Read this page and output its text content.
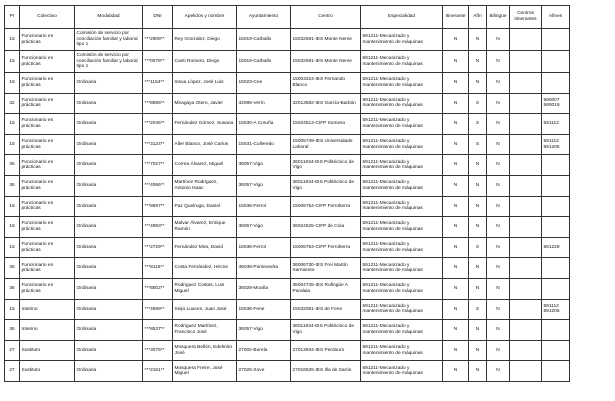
Pr	Colectivo	Modalidad	DNI	Apelidos y nombre	Ayuntamiento	Centro	Especialidad	Itinerante	Afín	Bilingüe	Centros itinerantes	Afines
15	Funcionario en prácticas	Comisión de servicio por conciliación familiar y laboral tipo 1	***2908**	Rey Gonzalez, Diego	15019-Carballo	15032591-IES Monte Neme	591211-Mecanizado y mantenimiento de máquinas	N	N	N		
15	Funcionario en prácticas	Comisión de servicio por conciliación familiar y laboral tipo 1	***0078**	Canti Romero, Diego	15019-Carballo	15032591-IES Monte Neme	591211-Mecanizado y mantenimiento de máquinas	N	N	N		
15	Funcionario en prácticas	Ordinaria	***1154**	Insua López, José Luis	15023-Cee	15003224-IES Fernando Blanco	591211-Mecanizado y mantenimiento de máquinas	N	N	N		
32	Funcionario en prácticas	Ordinaria	***8665**	Miragaya Otero, Javier	32085-Verín	32013582-IES García-Barbón	591211-Mecanizado y mantenimiento de máquinas	N	S	N		590007 590019
15	Funcionario en prácticas	Ordinaria	***2045**	Fernández Gómez, Susana	15030-A Coruña	15024513-CIFP Someso	591211-Mecanizado y mantenimiento de máquinas	N	S	N		591112
15	Funcionario en prácticas	Ordinaria	***3124**	Aller Blanco, José Carlos	15031-Culleredo	15005749-IES Universidade Laboral	591211-Mecanizado y mantenimiento de máquinas	N	S	N		591112 591205
36	Funcionario en prácticas	Ordinaria	***7027**	Correa Álvarez, Miguel	36057-Vigo	36011634-IES Politécnico de Vigo	591211-Mecanizado y mantenimiento de máquinas	N	N	N		
36	Funcionario en prácticas	Ordinaria	***4066**	Martínez Rodriguez, Antonio Isaac	36057-Vigo	36011634-IES Politécnico de Vigo	591211-Mecanizado y mantenimiento de máquinas	N	N	N		
15	Funcionario en prácticas	Ordinaria	***8697**	Paz Quelruga, Daniel	15036-Ferrol	15006754-CIFP Ferrolterra	591211-Mecanizado y mantenimiento de máquinas	N	N	N		
15	Funcionario en prácticas	Ordinaria	***4993**	Malvar Álvarez, Enrique Ramón	36057-Vigo	36024525-CIFP de Coia	591211-Mecanizado y mantenimiento de máquinas	N	N	N		
15	Funcionario en prácticas	Ordinaria	***2729**	Fernández Mira, David	15036-Ferrol	15006754-CIFP Ferrolterra	591211-Mecanizado y mantenimiento de máquinas	N	S	N		591228
36	Funcionario en prácticas	Ordinaria	***8115**	Costa Fernández, Héctor	36038-Pontevedra	36006730-IES Frei Martín Sarmiento	591211-Mecanizado y mantenimiento de máquinas	N	N	N		
36	Funcionario en prácticas	Ordinaria	***8502**	Rodriguez Costas, Luis Miguel	36029-Moaña	36004745-IES Rufingúe A Paralaia	591211-Mecanizado y mantenimiento de máquinas	N	N	N		
15	Interino	Ordinaria	***4699**	Seijo Luaces, Juan José	15036-Fene	15032081-IES de Fene	591211-Mecanizado y mantenimiento de máquinas	N	S	N		591112 591205
36	Interino	Ordinaria	***8537**	Rodriguez Martínez, Francisco José	36057-Vigo	36011634-IES Politécnico de Vigo	591211-Mecanizado y mantenimiento de máquinas	N	N	N		
27	Sustituto	Ordinaria	***3075**	Mosquera Bellón, Edelmiro José	27002-Burela	27013934-IES Perdouro	591211-Mecanizado y mantenimiento de máquinas	N	N	N		
27	Sustituto	Ordinaria	***2161**	Mosquera Freire, José Miguel	27025-Xove	27016625-IES Illa de Sarón	591211-Mecanizado y mantenimiento de máquinas	N	N	N		
